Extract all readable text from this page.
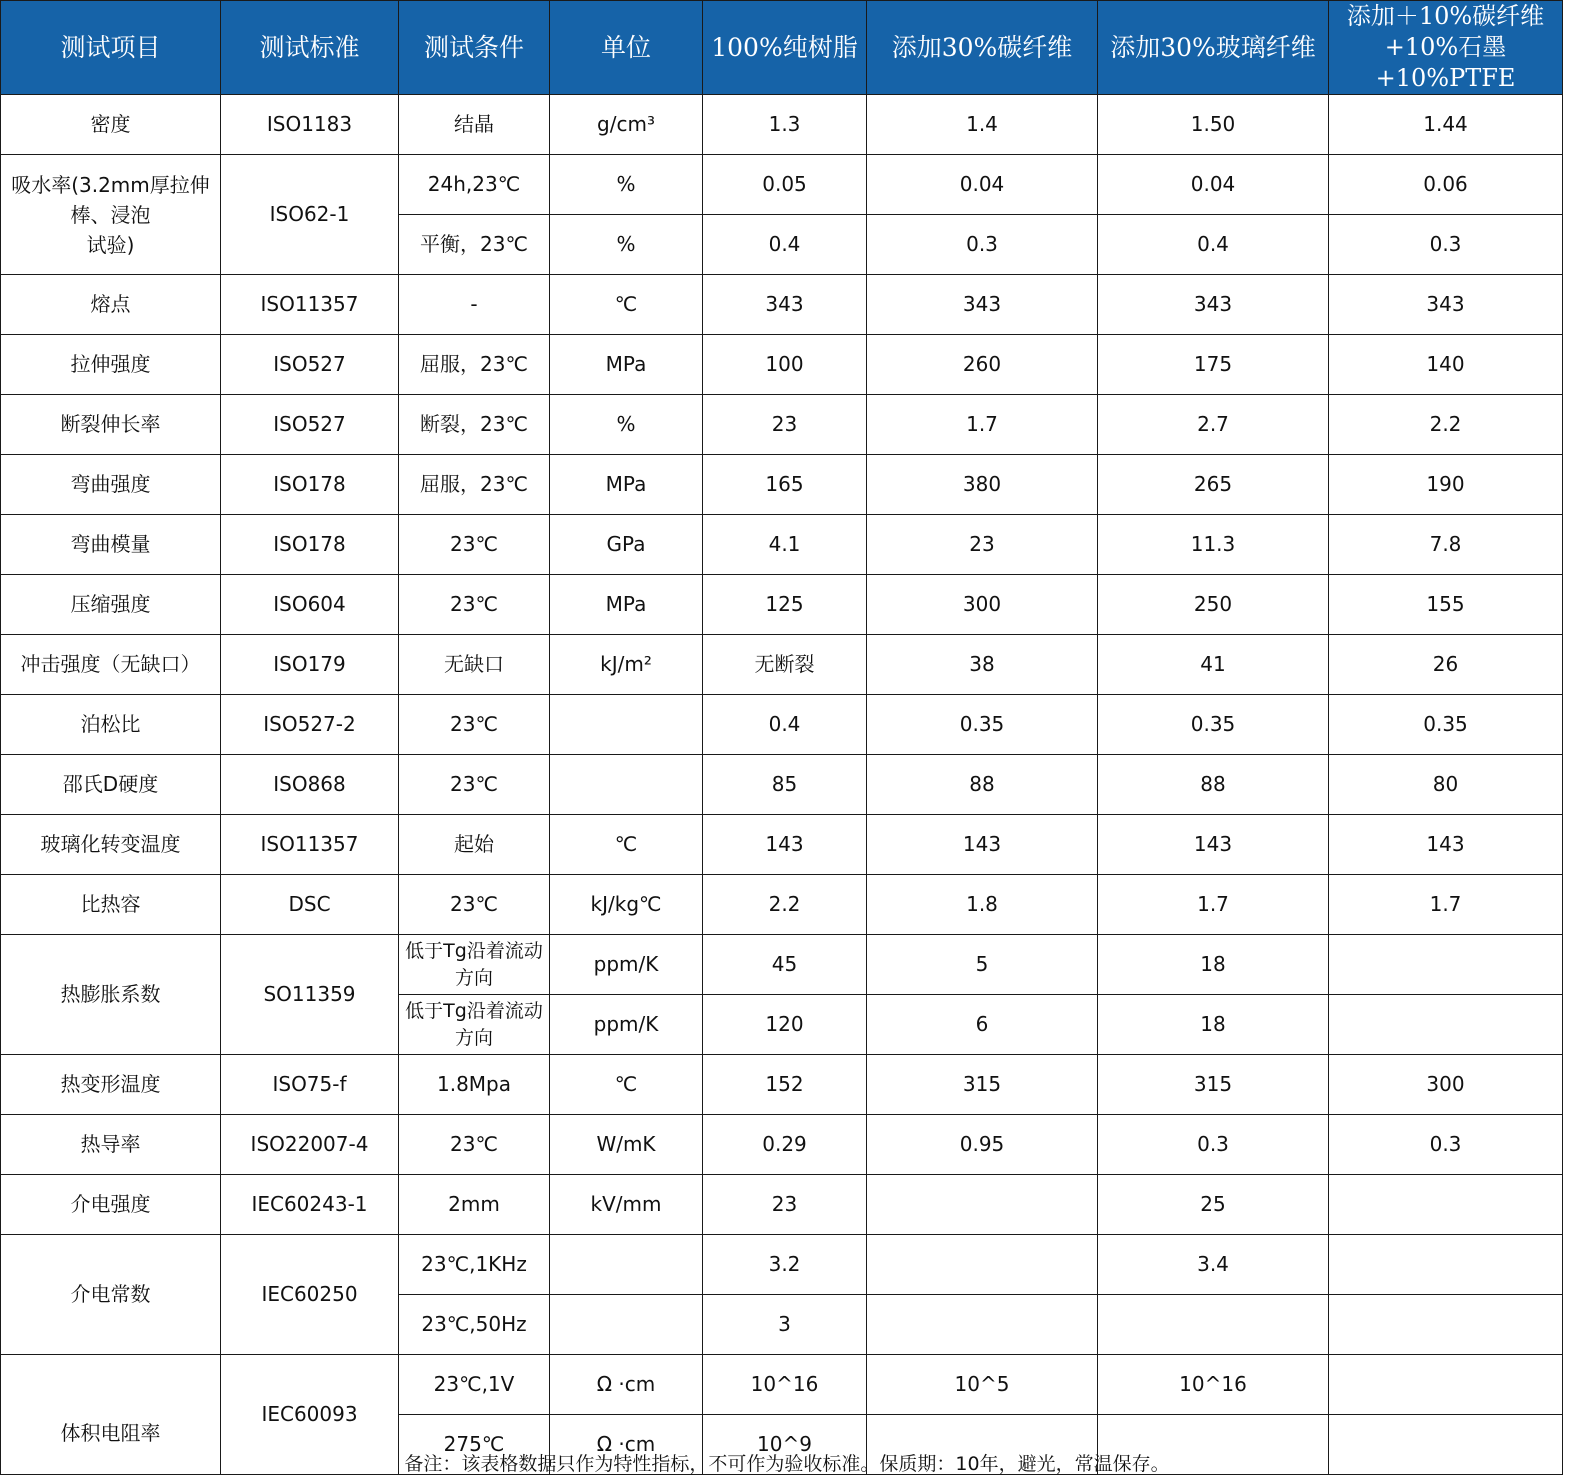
测试项目	测试标准	测试条件	单位	100%纯树脂	添加30%碳纤维	添加30%玻璃纤维	添加＋10%碳纤维
+10%石墨+10%PTFE
密度	ISO1183	结晶	g/cm³	1.3	1.4	1.50	1.44
吸水率(3.2mm厚拉伸
棒、浸泡
试验)	ISO62-1	24h,23℃	%	0.05	0.04	0.04	0.06
		平衡，23℃	%	0.4	0.3	0.4	0.3
熔点	ISO11357	-	℃	343	343	343	343
拉伸强度	ISO527	屈服，23℃	MPa	100	260	175	140
断裂伸长率	ISO527	断裂，23℃	%	23	1.7	2.7	2.2
弯曲强度	ISO178	屈服，23℃	MPa	165	380	265	190
弯曲模量	ISO178	23℃	GPa	4.1	23	11.3	7.8
压缩强度	ISO604	23℃	MPa	125	300	250	155
冲击强度（无缺口）	ISO179	无缺口	kJ/m²	无断裂	38	41	26
泊松比	ISO527-2	23℃		0.4	0.35	0.35	0.35
邵氏D硬度	ISO868	23℃		85	88	88	80
玻璃化转变温度	ISO11357	起始	℃	143	143	143	143
比热容	DSC	23℃	kJ/kg℃	2.2	1.8	1.7	1.7
热膨胀系数	SO11359	低于Tg沿着流动
方向	ppm/K	45	5	18	
		低于Tg沿着流动
方向	ppm/K	120	6	18	
热变形温度	ISO75-f	1.8Mpa	℃	152	315	315	300
热导率	ISO22007-4	23℃	W/mK	0.29	0.95	0.3	0.3
介电强度	IEC60243-1	2mm	kV/mm	23		25	
介电常数	IEC60250	23℃,1KHz		3.2		3.4	
		23℃,50Hz		3			
体积电阻率	IEC60093	23℃,1V	Ω ·cm	10^16	10^5	10^16	
		275℃	Ω ·cm	10^9			
备注：该表格数据只作为特性指标，不可作为验收标准。保质期：10年，避光，常温保存。
